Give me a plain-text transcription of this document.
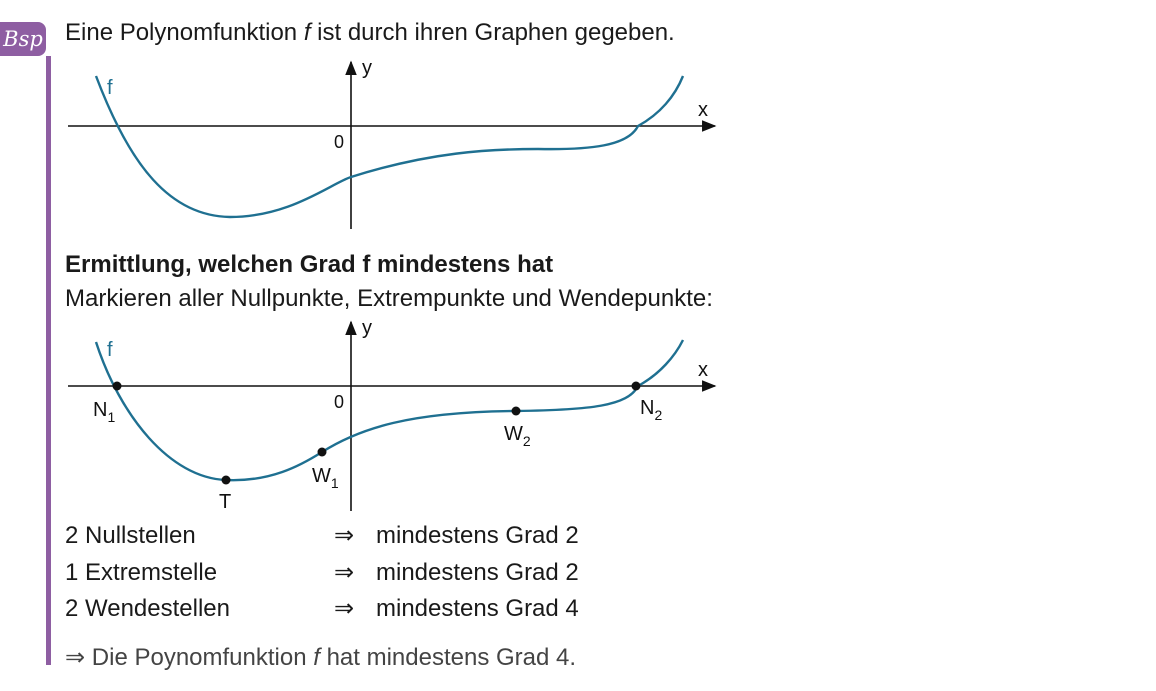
Bsp Eine Polynomfunktion f ist durch ihren Graphen gegeben.
f
x
y
0
Ermittlung, welchen Grad f mindestens hat
Markieren aller Nullpunkte, Extrempunkte und Wendepunkte:
f
x
y
0
$N_1$	$N_2$
T
$W_1$
$W_2$
2 Nullstellen	⇒ mindestens Grad 2
1 Extremstelle	⇒ mindestens Grad 2
2 Wendestellen	⇒ mindestens Grad 4
⇒ Die Poynomfunktion f hat mindestens Grad 4.
